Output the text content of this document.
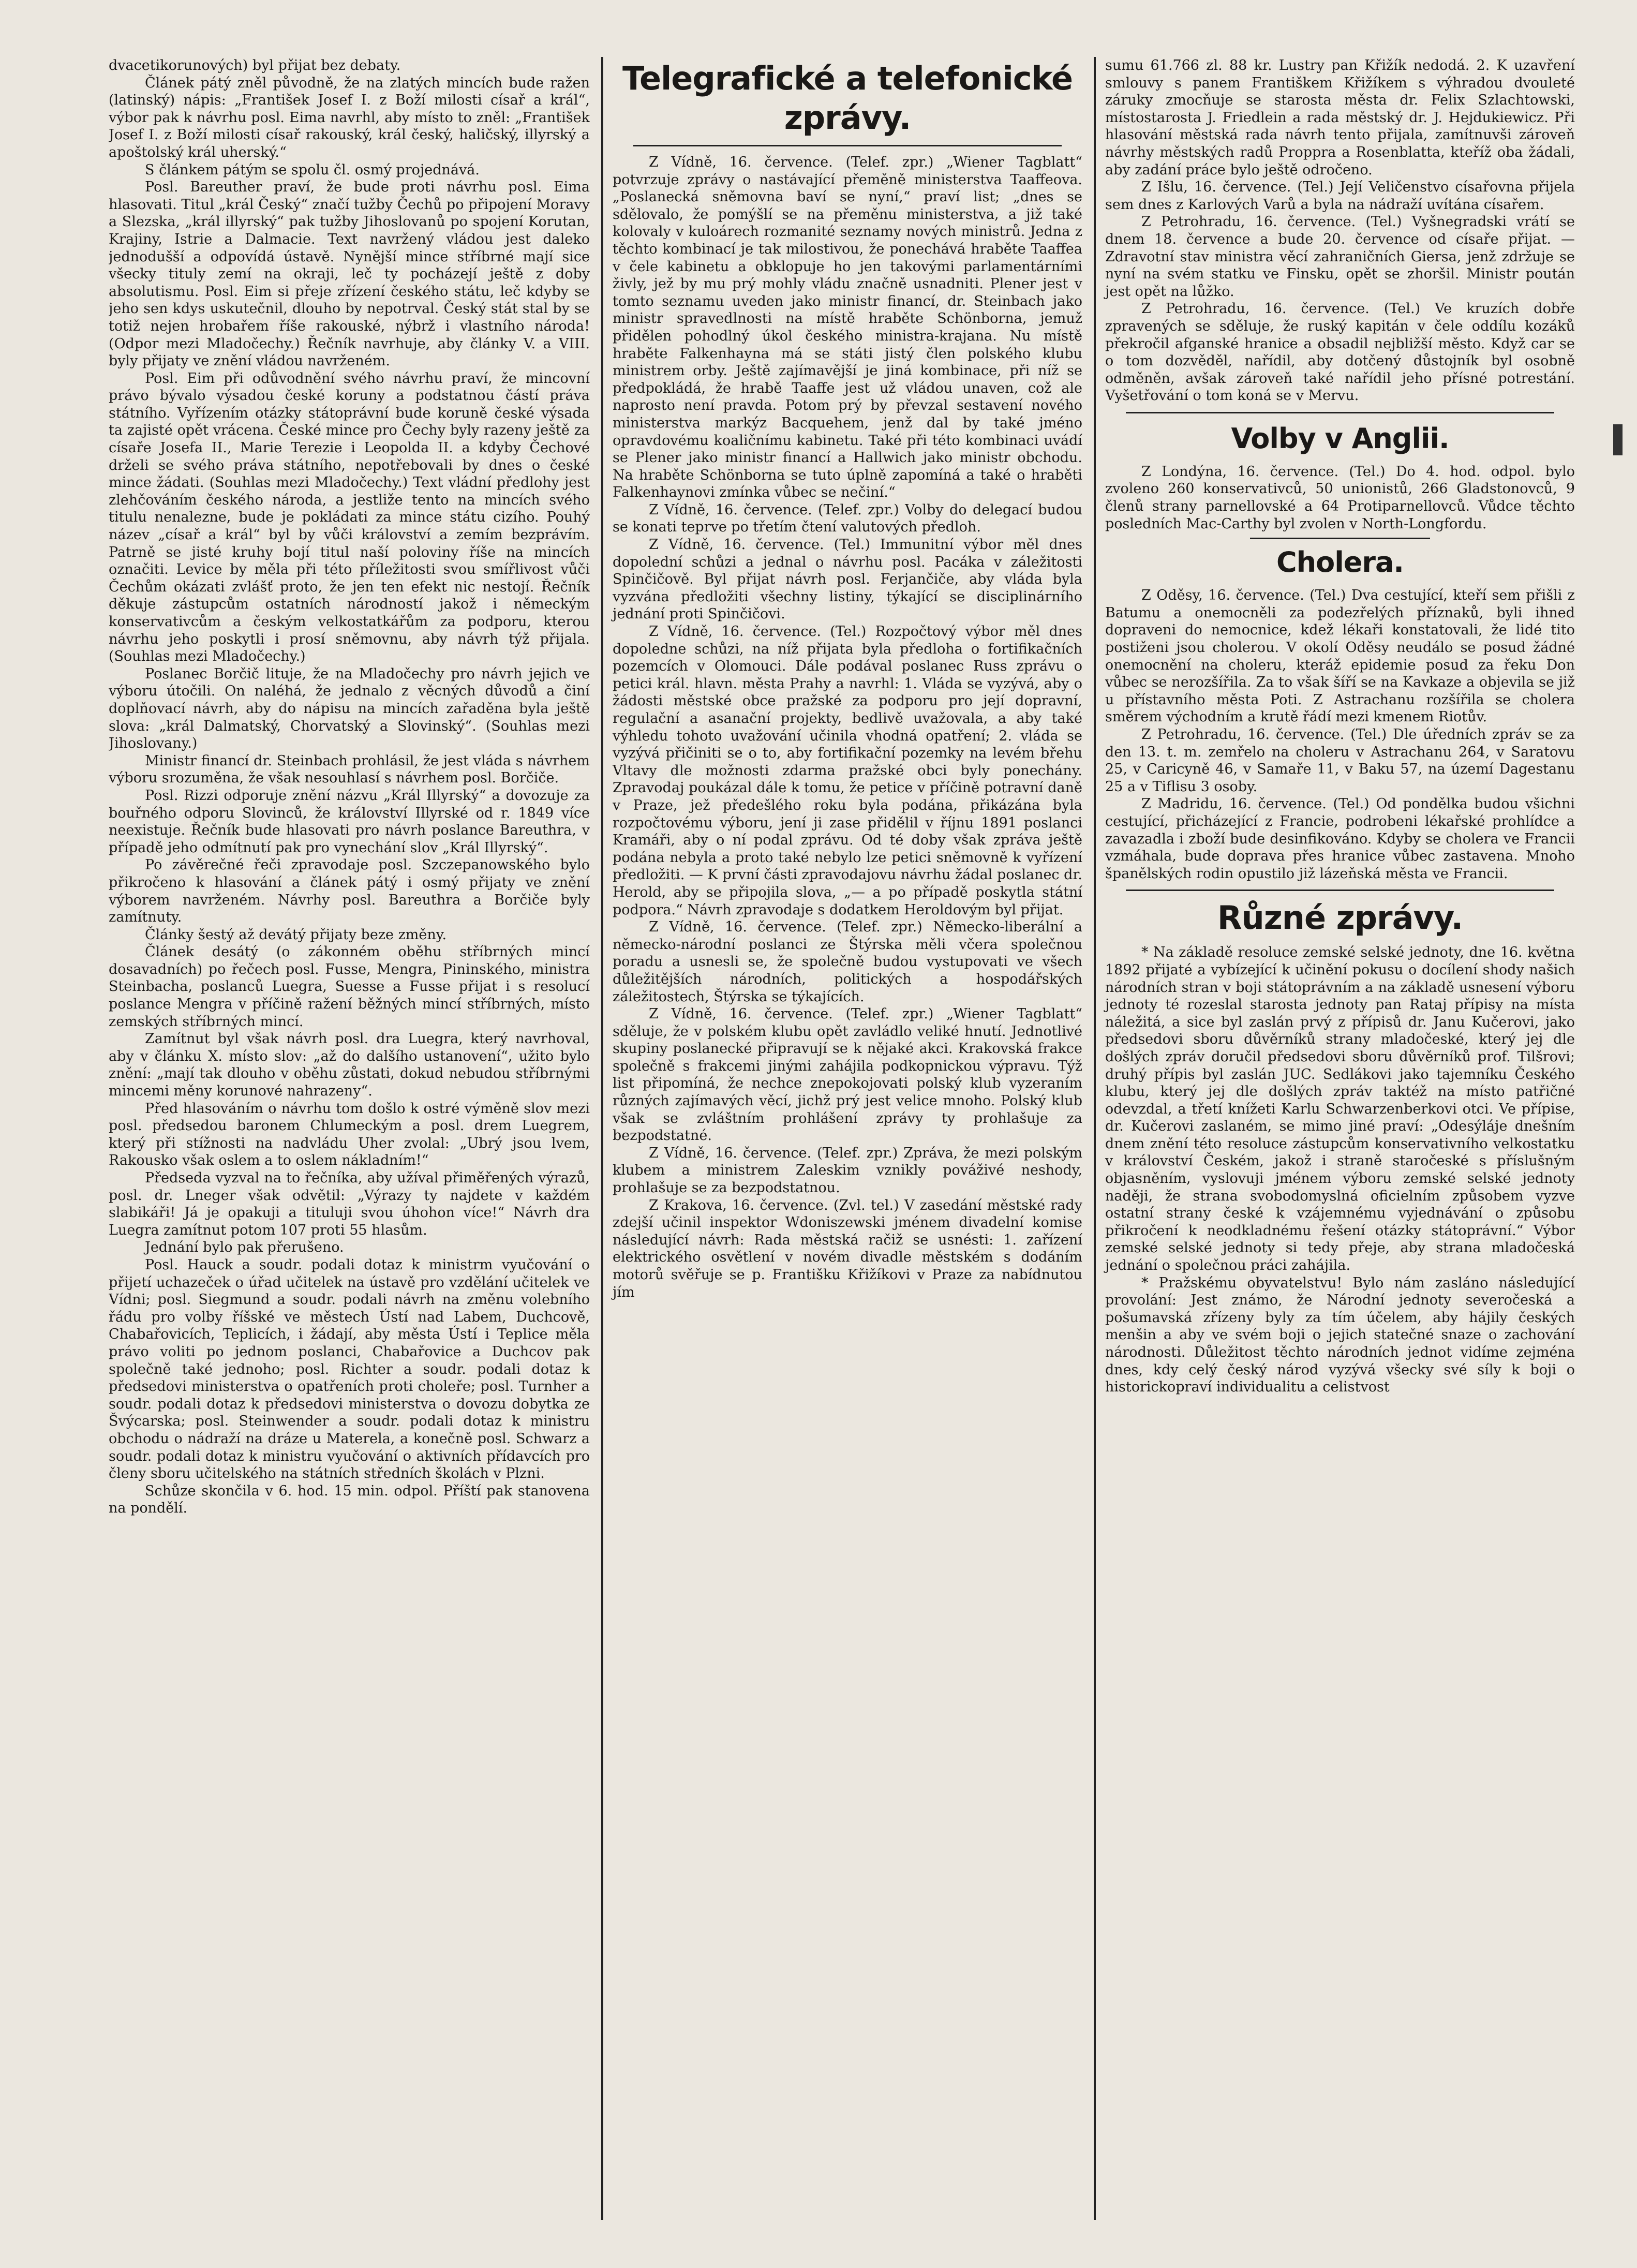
dvacetikorunových) byl přijat bez debaty.

Článek pátý zněl původně, že na zlatých mincích bude ražen (latinský) nápis: „František Josef I. z Boží milosti císař a král“, výbor pak k návrhu posl. Eima navrhl, aby místo to zněl: „František Josef I. z Boží milosti císař rakouský, král český, haličský, illyrský a apoštolský král uherský.“

S článkem pátým se spolu čl. osmý projednává.

Posl. Bareuther praví, že bude proti návrhu posl. Eima hlasovati. Titul „král Český“ značí tužby Čechů po připojení Moravy a Slezska, „král illyrský“ pak tužby Jihoslovanů po spojení Korutan, Krajiny, Istrie a Dalmacie. Text navržený vládou jest daleko jednodušší a odpovídá ústavě. Nynější mince stříbrné mají sice všecky tituly zemí na okraji, leč ty pocházejí ještě z doby absolutismu. Posl. Eim si přeje zřízení českého státu, leč kdyby se jeho sen kdys uskutečnil, dlouho by nepotrval. Český stát stal by se totiž nejen hrobařem říše rakouské, nýbrž i vlastního národa! (Odpor mezi Mladočechy.) Řečník navrhuje, aby články V. a VIII. byly přijaty ve znění vládou navrženém.

Posl. Eim při odůvodnění svého návrhu praví, že mincovní právo bývalo výsadou české koruny a podstatnou částí práva státního. Vyřízením otázky státoprávní bude koruně české výsada ta zajisté opět vrácena. České mince pro Čechy byly razeny ještě za císaře Josefa II., Marie Terezie i Leopolda II. a kdyby Čechové drželi se svého práva státního, nepotřebovali by dnes o české mince žádati. (Souhlas mezi Mladočechy.) Text vládní předlohy jest zlehčováním českého národa, a jestliže tento na mincích svého titulu nenalezne, bude je pokládati za mince státu cizího. Pouhý název „císař a král“ byl by vůči království a zemím bezprávím. Patrně se jisté kruhy bojí titul naší poloviny říše na mincích označiti. Levice by měla při této příležitosti svou smířlivost vůči Čechům okázati zvlášť proto, že jen ten efekt nic nestojí. Řečník děkuje zástupcům ostatních národností jakož i německým konservativcům a českým velkostatkářům za podporu, kterou návrhu jeho poskytli i prosí sněmovnu, aby návrh týž přijala. (Souhlas mezi Mladočechy.)

Poslanec Borčič lituje, že na Mladočechy pro návrh jejich ve výboru útočili. On naléhá, že jednalo z věcných důvodů a činí doplňovací návrh, aby do nápisu na mincích zařaděna byla ještě slova: „král Dalmatský, Chorvatský a Slovinský“. (Souhlas mezi Jihoslovany.)

Ministr financí dr. Steinbach prohlásil, že jest vláda s návrhem výboru srozuměna, že však nesouhlasí s návrhem posl. Borčiče.

Posl. Rizzi odporuje znění názvu „Král Illyrský“ a dovozuje za bouřného odporu Slovinců, že království Illyrské od r. 1849 více neexistuje. Řečník bude hlasovati pro návrh poslance Bareuthra, v případě jeho odmítnutí pak pro vynechání slov „Král Illyrský“.

Po závěrečné řeči zpravodaje posl. Szczepanowského bylo přikročeno k hlasování a článek pátý i osmý přijaty ve znění výborem navrženém. Návrhy posl. Bareuthra a Borčiče byly zamítnuty.

Články šestý až devátý přijaty beze změny.

Článek desátý (o zákonném oběhu stříbrných mincí dosavadních) po řečech posl. Fusse, Mengra, Pininského, ministra Steinbacha, poslanců Luegra, Suesse a Fusse přijat i s resolucí poslance Mengra v příčině ražení běžných mincí stříbrných, místo zemských stříbrných mincí.

Zamítnut byl však návrh posl. dra Luegra, který navrhoval, aby v článku X. místo slov: „až do dalšího ustanovení“, užito bylo znění: „mají tak dlouho v oběhu zůstati, dokud nebudou stříbrnými mincemi měny korunové nahrazeny“.

Před hlasováním o návrhu tom došlo k ostré výměně slov mezi posl. předsedou baronem Chlumeckým a posl. drem Luegrem, který při stížnosti na nadvládu Uher zvolal: „Ubrý jsou lvem, Rakousko však oslem a to oslem nákladním!“

Předseda vyzval na to řečníka, aby užíval přiměřených výrazů, posl. dr. Lneger však odvětil: „Výrazy ty najdete v každém slabikáři! Já je opakuji a tituluji svou úhohon více!“ Návrh dra Luegra zamítnut potom 107 proti 55 hlasům.

Jednání bylo pak přerušeno.

Posl. Hauck a soudr. podali dotaz k ministrm vyučování o přijetí uchazeček o úřad učitelek na ústavě pro vzdělání učitelek ve Vídni; posl. Siegmund a soudr. podali návrh na změnu volebního řádu pro volby říšské ve městech Ústí nad Labem, Duchcově, Chabařovicích, Teplicích, i žádají, aby města Ústí i Teplice měla právo voliti po jednom poslanci, Chabařovice a Duchcov pak společně také jednoho; posl. Richter a soudr. podali dotaz k předsedovi ministerstva o opatřeních proti choleře; posl. Turnher a soudr. podali dotaz k předsedovi ministerstva o dovozu dobytka ze Švýcarska; posl. Steinwender a soudr. podali dotaz k ministru obchodu o nádraží na dráze u Materela, a konečně posl. Schwarz a soudr. podali dotaz k ministru vyučování o aktivních přídavcích pro členy sboru učitelského na státních středních školách v Plzni.

Schůze skončila v 6. hod. 15 min. odpol. Příští pak stanovena na pondělí.

Telegrafické a telefonické zprávy.

Z Vídně, 16. července. (Telef. zpr.) „Wiener Tagblatt“ potvrzuje zprávy o nastávající přeměně ministerstva Taaffeova. „Poslanecká sněmovna baví se nyní,“ praví list; „dnes se sdělovalo, že pomýšlí se na přeměnu ministerstva, a již také kolovaly v kuloárech rozmanité seznamy nových ministrů. Jedna z těchto kombinací je tak milostivou, že ponechává hraběte Taaffea v čele kabinetu a obklopuje ho jen takovými parlamentárními živly, jež by mu prý mohly vládu značně usnadniti. Plener jest v tomto seznamu uveden jako ministr financí, dr. Steinbach jako ministr spravedlnosti na místě hraběte Schönborna, jemuž přidělen pohodlný úkol českého ministra-krajana. Nu místě hraběte Falkenhayna má se státi jistý člen polského klubu ministrem orby. Ještě zajímavější je jiná kombinace, při níž se předpokládá, že hrabě Taaffe jest už vládou unaven, což ale naprosto není pravda. Potom prý by převzal sestavení nového ministerstva markýz Bacquehem, jenž dal by také jméno opravdovému koaličnímu kabinetu. Také při této kombinaci uvádí se Plener jako ministr financí a Hallwich jako ministr obchodu. Na hraběte Schönborna se tuto úplně zapomíná a také o hraběti Falkenhaynovi zmínka vůbec se nečiní.“

Z Vídně, 16. července. (Telef. zpr.) Volby do delegací budou se konati teprve po třetím čtení valutových předloh.

Z Vídně, 16. července. (Tel.) Immunitní výbor měl dnes dopolední schůzi a jednal o návrhu posl. Pacáka v záležitosti Spinčičově. Byl přijat návrh posl. Ferjančiče, aby vláda byla vyzvána předložiti všechny listiny, týkající se disciplinárního jednání proti Spinčičovi.

Z Vídně, 16. července. (Tel.) Rozpočtový výbor měl dnes dopoledne schůzi, na níž přijata byla předloha o fortifikačních pozemcích v Olomouci. Dále podával poslanec Russ zprávu o petici král. hlavn. města Prahy a navrhl: 1. Vláda se vyzývá, aby o žádosti městské obce pražské za podporu pro její dopravní, regulační a asanační projekty, bedlivě uvažovala, a aby také výhledu tohoto uvažování učinila vhodná opatření; 2. vláda se vyzývá přičiniti se o to, aby fortifikační pozemky na levém břehu Vltavy dle možnosti zdarma pražské obci byly ponechány. Zpravodaj poukázal dále k tomu, že petice v příčině potravní daně v Praze, jež předešlého roku byla podána, přikázána byla rozpočtovému výboru, jení ji zase přidělil v říjnu 1891 poslanci Kramáři, aby o ní podal zprávu. Od té doby však zpráva ještě podána nebyla a proto také nebylo lze petici sněmovně k vyřízení předložiti. — K první části zpravodajovu návrhu žádal poslanec dr. Herold, aby se připojila slova, „— a po případě poskytla státní podpora.“ Návrh zpravodaje s dodatkem Heroldovým byl přijat.

Z Vídně, 16. července. (Telef. zpr.) Německo-liberální a německo-národní poslanci ze Štýrska měli včera společnou poradu a usnesli se, že společně budou vystupovati ve všech důležitějších národních, politických a hospodářských záležitostech, Štýrska se týkajících.

Z Vídně, 16. července. (Telef. zpr.) „Wiener Tagblatt“ sděluje, že v polském klubu opět zavládlo veliké hnutí. Jednotlivé skupiny poslanecké připravují se k nějaké akci. Krakovská frakce společně s frakcemi jinými zahájila podkopnickou výpravu. Týž list připomíná, že nechce znepokojovati polský klub vyzeraním různých zajímavých věcí, jichž prý jest velice mnoho. Polský klub však se zvláštním prohlášení zprávy ty prohlašuje za bezpodstatné.

Z Vídně, 16. července. (Telef. zpr.) Zpráva, že mezi polským klubem a ministrem Zaleskim vznikly pováživé neshody, prohlašuje se za bezpodstatnou.

Z Krakova, 16. července. (Zvl. tel.) V zasedání městské rady zdejší učinil inspektor Wdoniszewski jménem divadelní komise následující návrh: Rada městská račiž se usnésti: 1. zařízení elektrického osvětlení v novém divadle městském s dodáním motorů svěřuje se p. Františku Křižíkovi v Praze za nabídnutou jím

sumu 61.766 zl. 88 kr. Lustry pan Křižík nedodá. 2. K uzavření smlouvy s panem Františkem Křižíkem s výhradou dvouleté záruky zmocňuje se starosta města dr. Felix Szlachtowski, místostarosta J. Friedlein a rada městský dr. J. Hejdukiewicz. Při hlasování městská rada návrh tento přijala, zamítnuvši zároveň návrhy městských radů Proppra a Rosenblatta, kteříž oba žádali, aby zadání práce bylo ještě odročeno.

Z Išlu, 16. července. (Tel.) Její Veličenstvo císařovna přijela sem dnes z Karlových Varů a byla na nádraží uvítána císařem.

Z Petrohradu, 16. července. (Tel.) Vyšnegradski vrátí se dnem 18. července a bude 20. července od císaře přijat. — Zdravotní stav ministra věcí zahraničních Giersa, jenž zdržuje se nyní na svém statku ve Finsku, opět se zhoršil. Ministr poután jest opět na lůžko.

Z Petrohradu, 16. července. (Tel.) Ve kruzích dobře zpravených se sděluje, že ruský kapitán v čele oddílu kozáků překročil afganské hranice a obsadil nejbližší město. Když car se o tom dozvěděl, nařídil, aby dotčený důstojník byl osobně odměněn, avšak zároveň také nařídil jeho přísné potrestání. Vyšetřování o tom koná se v Mervu.

Volby v Anglii.

Z Londýna, 16. července. (Tel.) Do 4. hod. odpol. bylo zvoleno 260 konservativců, 50 unionistů, 266 Gladstonovců, 9 členů strany parnellovské a 64 Protiparnellovců. Vůdce těchto posledních Mac-Carthy byl zvolen v North-Longfordu.

Cholera.

Z Oděsy, 16. července. (Tel.) Dva cestující, kteří sem přišli z Batumu a onemocněli za podezřelých příznaků, byli ihned dopraveni do nemocnice, kdež lékaři konstatovali, že lidé tito postiženi jsou cholerou. V okolí Oděsy neudálo se posud žádné onemocnění na choleru, kteráž epidemie posud za řeku Don vůbec se nerozšířila. Za to však šíří se na Kavkaze a objevila se již u přístavního města Poti. Z Astrachanu rozšířila se cholera směrem východním a krutě řádí mezi kmenem Riotův.

Z Petrohradu, 16. července. (Tel.) Dle úředních zpráv se za den 13. t. m. zemřelo na choleru v Astrachanu 264, v Saratovu 25, v Caricyně 46, v Samaře 11, v Baku 57, na území Dagestanu 25 a v Tiflisu 3 osoby.

Z Madridu, 16. července. (Tel.) Od pondělka budou všichni cestující, přicházející z Francie, podrobeni lékařské prohlídce a zavazadla i zboží bude desinfikováno. Kdyby se cholera ve Francii vzmáhala, bude doprava přes hranice vůbec zastavena. Mnoho španělských rodin opustilo již lázeňská města ve Francii.

Různé zprávy.

* Na základě resoluce zemské selské jednoty, dne 16. května 1892 přijaté a vybízející k učinění pokusu o docílení shody našich národních stran v boji státoprávním a na základě usnesení výboru jednoty té rozeslal starosta jednoty pan Rataj přípisy na místa náležitá, a sice byl zaslán prvý z přípisů dr. Janu Kučerovi, jako předsedovi sboru důvěrníků strany mladočeské, který jej dle došlých zpráv doručil předsedovi sboru důvěrníků prof. Tilšrovi; druhý přípis byl zaslán JUC. Sedlákovi jako tajemníku Českého klubu, který jej dle došlých zpráv taktéž na místo patřičné odevzdal, a třetí knížeti Karlu Schwarzenberkovi otci. Ve přípise, dr. Kučerovi zaslaném, se mimo jiné praví: „Odesýláje dnešním dnem znění této resoluce zástupcům konservativního velkostatku v království Českém, jakož i straně staročeské s příslušným objasněním, vyslovuji jménem výboru zemské selské jednoty naději, že strana svobodomyslná oficielním způsobem vyzve ostatní strany české k vzájemnému vyjednávání o způsobu přikročení k neodkladnému řešení otázky státoprávní.“ Výbor zemské selské jednoty si tedy přeje, aby strana mladočeská jednání o společnou práci zahájila.

* Pražskému obyvatelstvu! Bylo nám zasláno následující provolání: Jest známo, že Národní jednoty severočeská a pošumavská zřízeny byly za tím účelem, aby hájily českých menšin a aby ve svém boji o jejich statečné snaze o zachování národnosti. Důležitost těchto národních jednot vidíme zejména dnes, kdy celý český národ vyzývá všecky své síly k boji o historickopraví individualitu a celistvost
